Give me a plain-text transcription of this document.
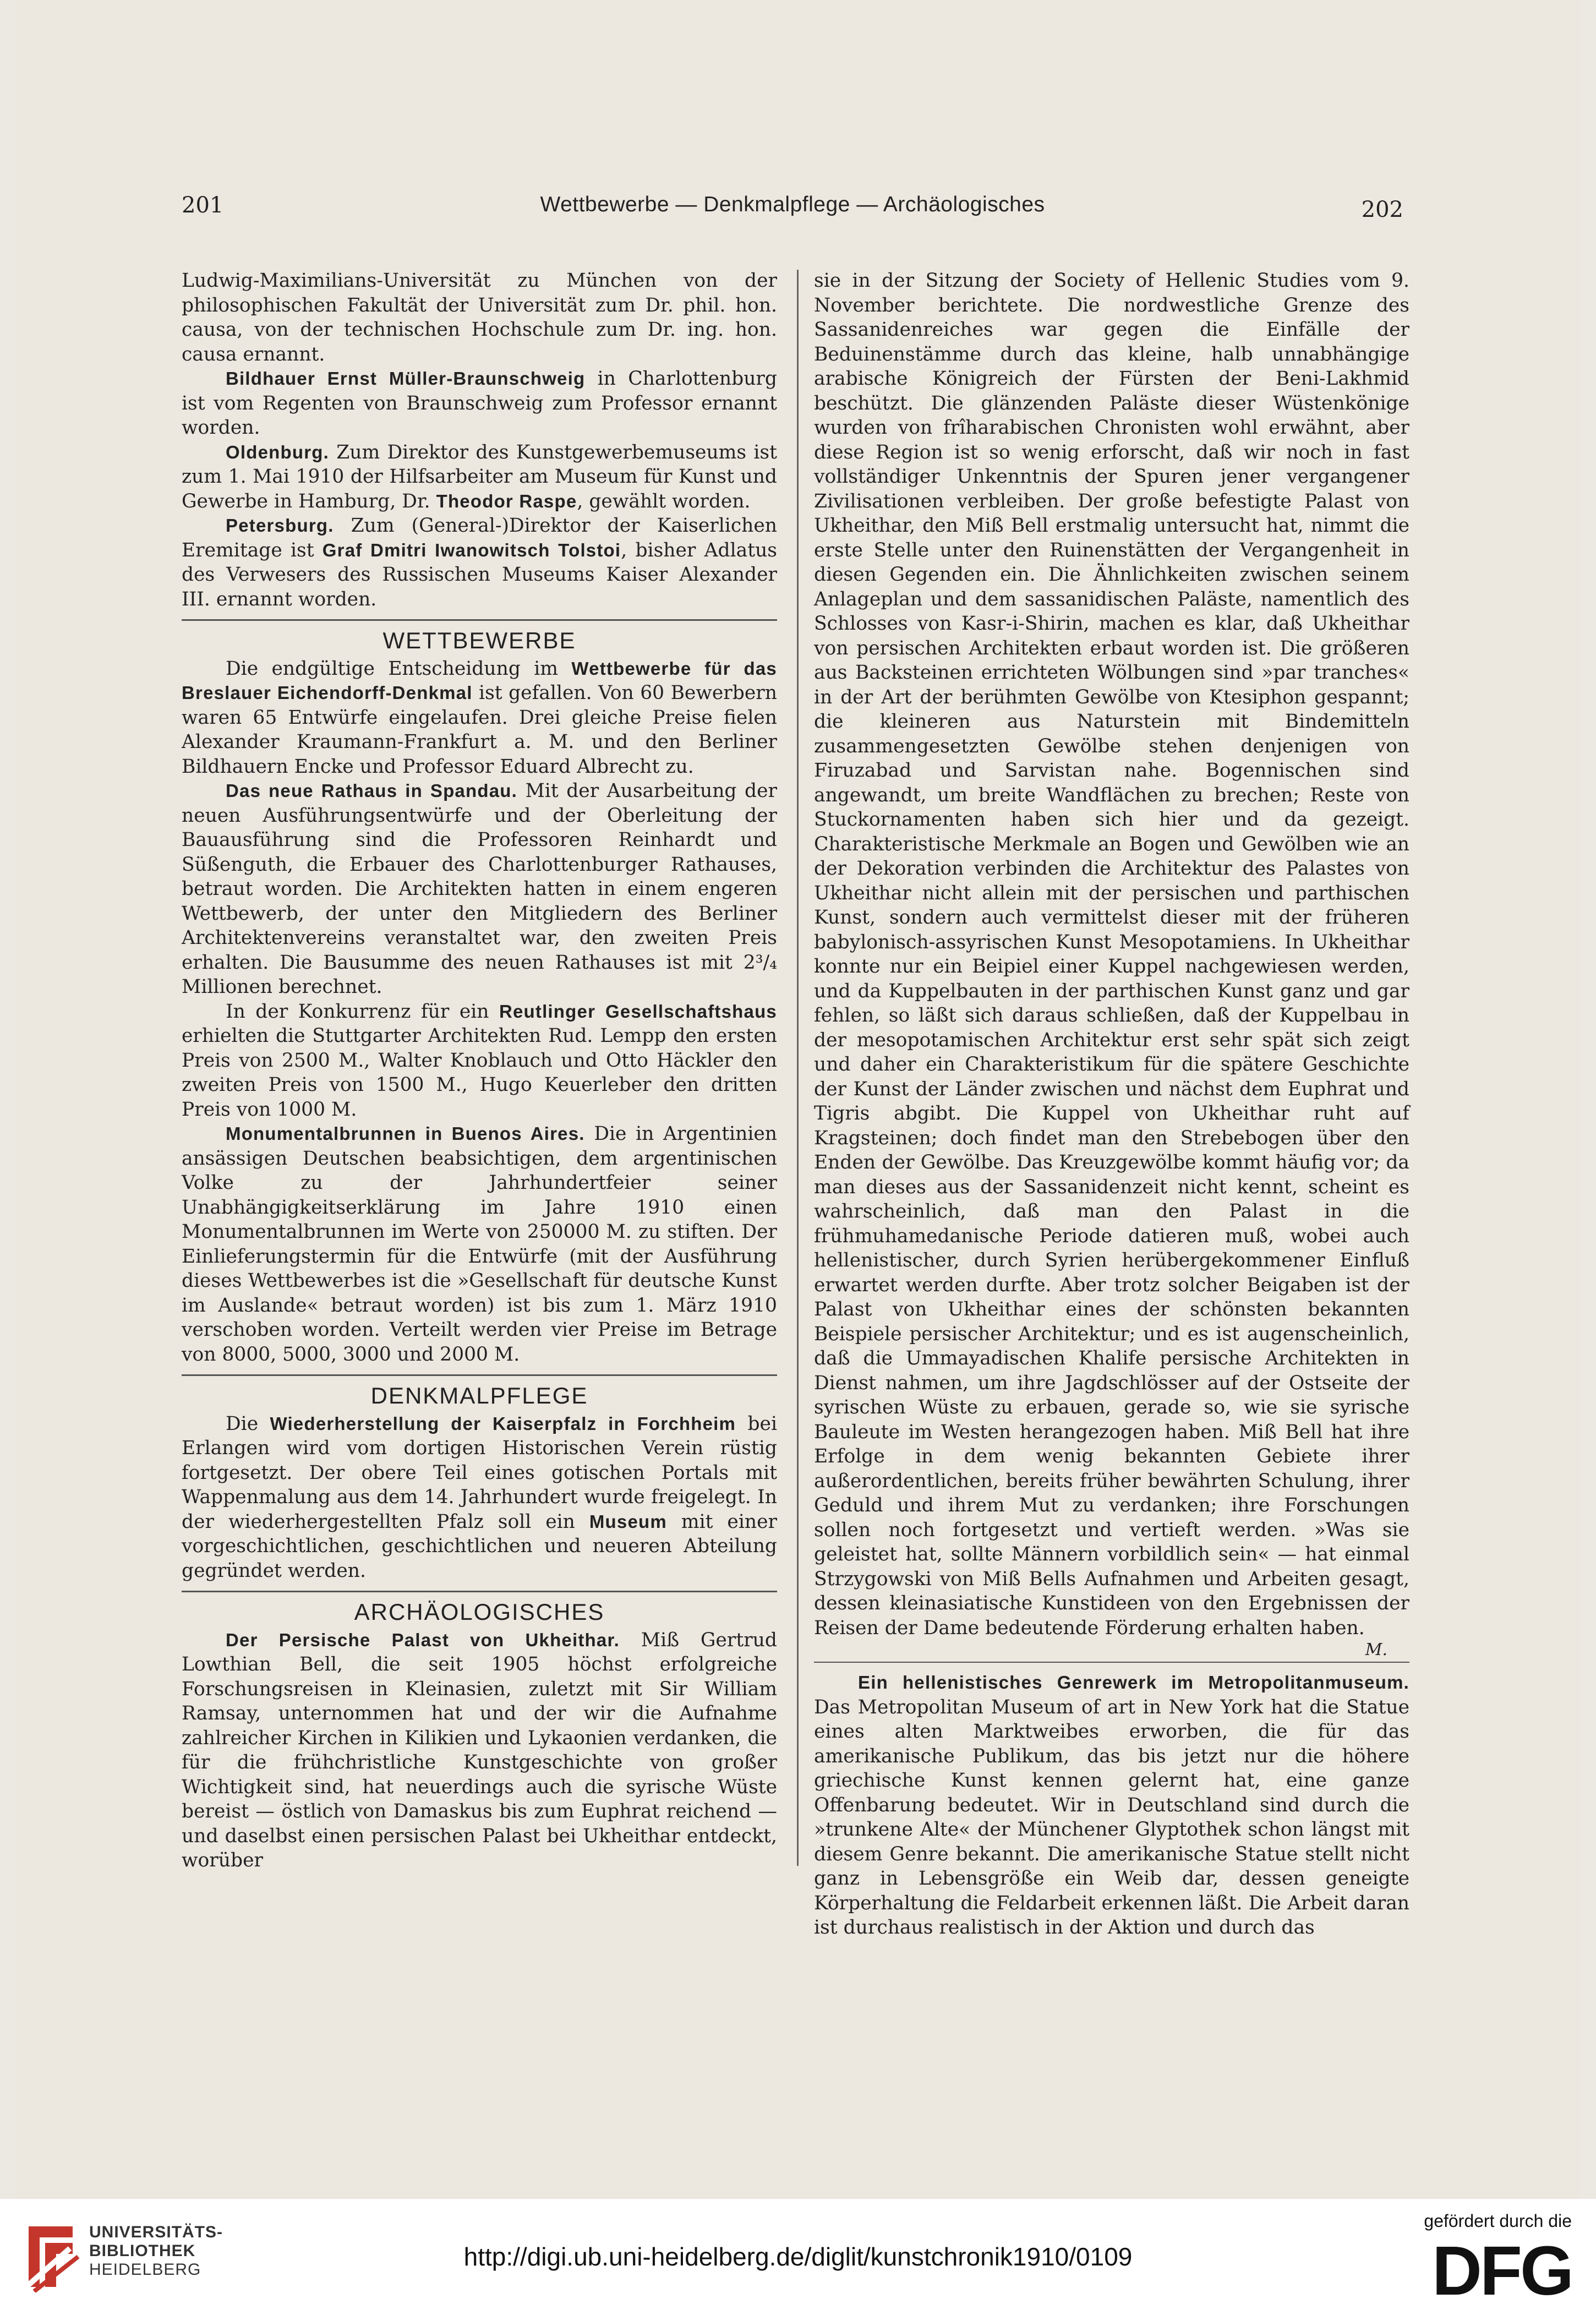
201	Wettbewerbe — Denkmalpflege — Archäologisches	202

Ludwig-Maximilians-Universität zu München von der philosophischen Fakultät der Universität zum Dr. phil. hon. causa, von der technischen Hochschule zum Dr. ing. hon. causa ernannt.

Bildhauer Ernst Müller-Braunschweig in Charlottenburg ist vom Regenten von Braunschweig zum Professor ernannt worden.

Oldenburg. Zum Direktor des Kunstgewerbemuseums ist zum 1. Mai 1910 der Hilfsarbeiter am Museum für Kunst und Gewerbe in Hamburg, Dr. Theodor Raspe, gewählt worden.

Petersburg. Zum (General-)Direktor der Kaiserlichen Eremitage ist Graf Dmitri Iwanowitsch Tolstoi, bisher Adlatus des Verwesers des Russischen Museums Kaiser Alexander III. ernannt worden.

WETTBEWERBE

Die endgültige Entscheidung im Wettbewerbe für das Breslauer Eichendorff-Denkmal ist gefallen. Von 60 Bewerbern waren 65 Entwürfe eingelaufen. Drei gleiche Preise fielen Alexander Kraumann-Frankfurt a. M. und den Berliner Bildhauern Encke und Professor Eduard Albrecht zu.

Das neue Rathaus in Spandau. Mit der Ausarbeitung der neuen Ausführungsentwürfe und der Oberleitung der Bauausführung sind die Professoren Reinhardt und Süßenguth, die Erbauer des Charlottenburger Rathauses, betraut worden. Die Architekten hatten in einem engeren Wettbewerb, der unter den Mitgliedern des Berliner Architektenvereins veranstaltet war, den zweiten Preis erhalten. Die Bausumme des neuen Rathauses ist mit 2³/₄ Millionen berechnet.

In der Konkurrenz für ein Reutlinger Gesellschaftshaus erhielten die Stuttgarter Architekten Rud. Lempp den ersten Preis von 2500 M., Walter Knoblauch und Otto Häckler den zweiten Preis von 1500 M., Hugo Keuerleber den dritten Preis von 1000 M.

Monumentalbrunnen in Buenos Aires. Die in Argentinien ansässigen Deutschen beabsichtigen, dem argentinischen Volke zu der Jahrhundertfeier seiner Unabhängigkeitserklärung im Jahre 1910 einen Monumentalbrunnen im Werte von 250000 M. zu stiften. Der Einlieferungstermin für die Entwürfe (mit der Ausführung dieses Wettbewerbes ist die »Gesellschaft für deutsche Kunst im Auslande« betraut worden) ist bis zum 1. März 1910 verschoben worden. Verteilt werden vier Preise im Betrage von 8000, 5000, 3000 und 2000 M.

DENKMALPFLEGE

Die Wiederherstellung der Kaiserpfalz in Forchheim bei Erlangen wird vom dortigen Historischen Verein rüstig fortgesetzt. Der obere Teil eines gotischen Portals mit Wappenmalung aus dem 14. Jahrhundert wurde freigelegt. In der wiederhergestellten Pfalz soll ein Museum mit einer vorgeschichtlichen, geschichtlichen und neueren Abteilung gegründet werden.

ARCHÄOLOGISCHES

Der Persische Palast von Ukheithar. Miß Gertrud Lowthian Bell, die seit 1905 höchst erfolgreiche Forschungsreisen in Kleinasien, zuletzt mit Sir William Ramsay, unternommen hat und der wir die Aufnahme zahlreicher Kirchen in Kilikien und Lykaonien verdanken, die für die frühchristliche Kunstgeschichte von großer Wichtigkeit sind, hat neuerdings auch die syrische Wüste bereist — östlich von Damaskus bis zum Euphrat reichend — und daselbst einen persischen Palast bei Ukheithar entdeckt, worüber

sie in der Sitzung der Society of Hellenic Studies vom 9. November berichtete. Die nordwestliche Grenze des Sassanidenreiches war gegen die Einfälle der Beduinenstämme durch das kleine, halb unnabhängige arabische Königreich der Fürsten der Beni-Lakhmid beschützt. Die glänzenden Paläste dieser Wüstenkönige wurden von frîharabischen Chronisten wohl erwähnt, aber diese Region ist so wenig erforscht, daß wir noch in fast vollständiger Unkenntnis der Spuren jener vergangener Zivilisationen verbleiben. Der große befestigte Palast von Ukheithar, den Miß Bell erstmalig untersucht hat, nimmt die erste Stelle unter den Ruinenstätten der Vergangenheit in diesen Gegenden ein. Die Ähnlichkeiten zwischen seinem Anlageplan und dem sassanidischen Paläste, namentlich des Schlosses von Kasr-i-Shirin, machen es klar, daß Ukheithar von persischen Architekten erbaut worden ist. Die größeren aus Backsteinen errichteten Wölbungen sind »par tranches« in der Art der berühmten Gewölbe von Ktesiphon gespannt; die kleineren aus Naturstein mit Bindemitteln zusammengesetzten Gewölbe stehen denjenigen von Firuzabad und Sarvistan nahe. Bogennischen sind angewandt, um breite Wandflächen zu brechen; Reste von Stuckornamenten haben sich hier und da gezeigt. Charakteristische Merkmale an Bogen und Gewölben wie an der Dekoration verbinden die Architektur des Palastes von Ukheithar nicht allein mit der persischen und parthischen Kunst, sondern auch vermittelst dieser mit der früheren babylonisch-assyrischen Kunst Mesopotamiens. In Ukheithar konnte nur ein Beipiel einer Kuppel nachgewiesen werden, und da Kuppelbauten in der parthischen Kunst ganz und gar fehlen, so läßt sich daraus schließen, daß der Kuppelbau in der mesopotamischen Architektur erst sehr spät sich zeigt und daher ein Charakteristikum für die spätere Geschichte der Kunst der Länder zwischen und nächst dem Euphrat und Tigris abgibt. Die Kuppel von Ukheithar ruht auf Kragsteinen; doch findet man den Strebebogen über den Enden der Gewölbe. Das Kreuzgewölbe kommt häufig vor; da man dieses aus der Sassanidenzeit nicht kennt, scheint es wahrscheinlich, daß man den Palast in die frühmuhamedanische Periode datieren muß, wobei auch hellenistischer, durch Syrien herübergekommener Einfluß erwartet werden durfte. Aber trotz solcher Beigaben ist der Palast von Ukheithar eines der schönsten bekannten Beispiele persischer Architektur; und es ist augenscheinlich, daß die Ummayadischen Khalife persische Architekten in Dienst nahmen, um ihre Jagdschlösser auf der Ostseite der syrischen Wüste zu erbauen, gerade so, wie sie syrische Bauleute im Westen herangezogen haben. Miß Bell hat ihre Erfolge in dem wenig bekannten Gebiete ihrer außerordentlichen, bereits früher bewährten Schulung, ihrer Geduld und ihrem Mut zu verdanken; ihre Forschungen sollen noch fortgesetzt und vertieft werden. »Was sie geleistet hat, sollte Männern vorbildlich sein« — hat einmal Strzygowski von Miß Bells Aufnahmen und Arbeiten gesagt, dessen kleinasiatische Kunstideen von den Ergebnissen der Reisen der Dame bedeutende Förderung erhalten haben.

M.

Ein hellenistisches Genrewerk im Metropolitanmuseum. Das Metropolitan Museum of art in New York hat die Statue eines alten Marktweibes erworben, die für das amerikanische Publikum, das bis jetzt nur die höhere griechische Kunst kennen gelernt hat, eine ganze Offenbarung bedeutet. Wir in Deutschland sind durch die »trunkene Alte« der Münchener Glyptothek schon längst mit diesem Genre bekannt. Die amerikanische Statue stellt nicht ganz in Lebensgröße ein Weib dar, dessen geneigte Körperhaltung die Feldarbeit erkennen läßt. Die Arbeit daran ist durchaus realistisch in der Aktion und durch das

UNIVERSITÄTS-
BIBLIOTHEK
HEIDELBERG	http://digi.ub.uni-heidelberg.de/diglit/kunstchronik1910/0109
gefördert durch die
DFG
